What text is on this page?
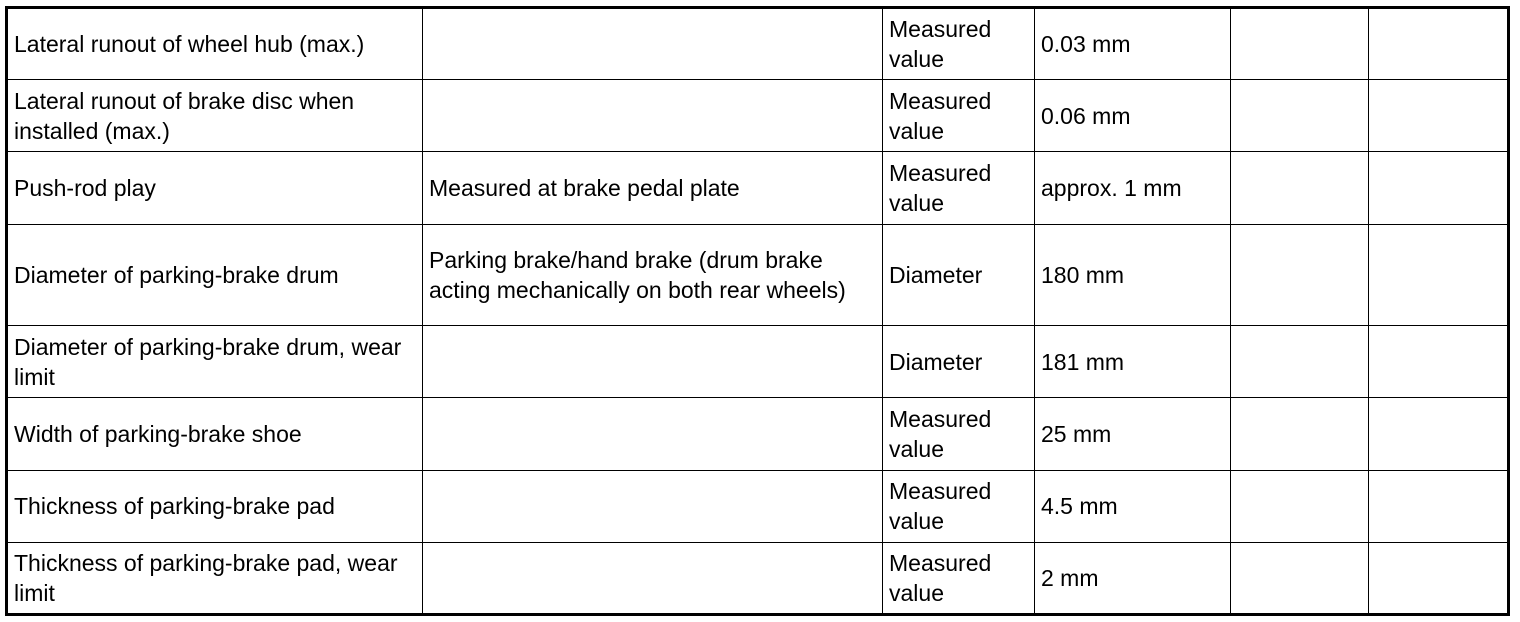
Lateral runout of wheel hub (max.)		Measured value	0.03 mm		

Lateral runout of brake disc when installed (max.)		Measured value	0.06 mm		

Push-rod play	Measured at brake pedal plate	Measured value	approx. 1 mm		

Diameter of parking-brake drum	Parking brake/hand brake (drum brake acting mechanically on both rear wheels)	Diameter	180 mm		

Diameter of parking-brake drum, wear limit		Diameter	181 mm		

Width of parking-brake shoe		Measured value	25 mm		

Thickness of parking-brake pad		Measured value	4.5 mm		

Thickness of parking-brake pad, wear limit		Measured value	2 mm		
